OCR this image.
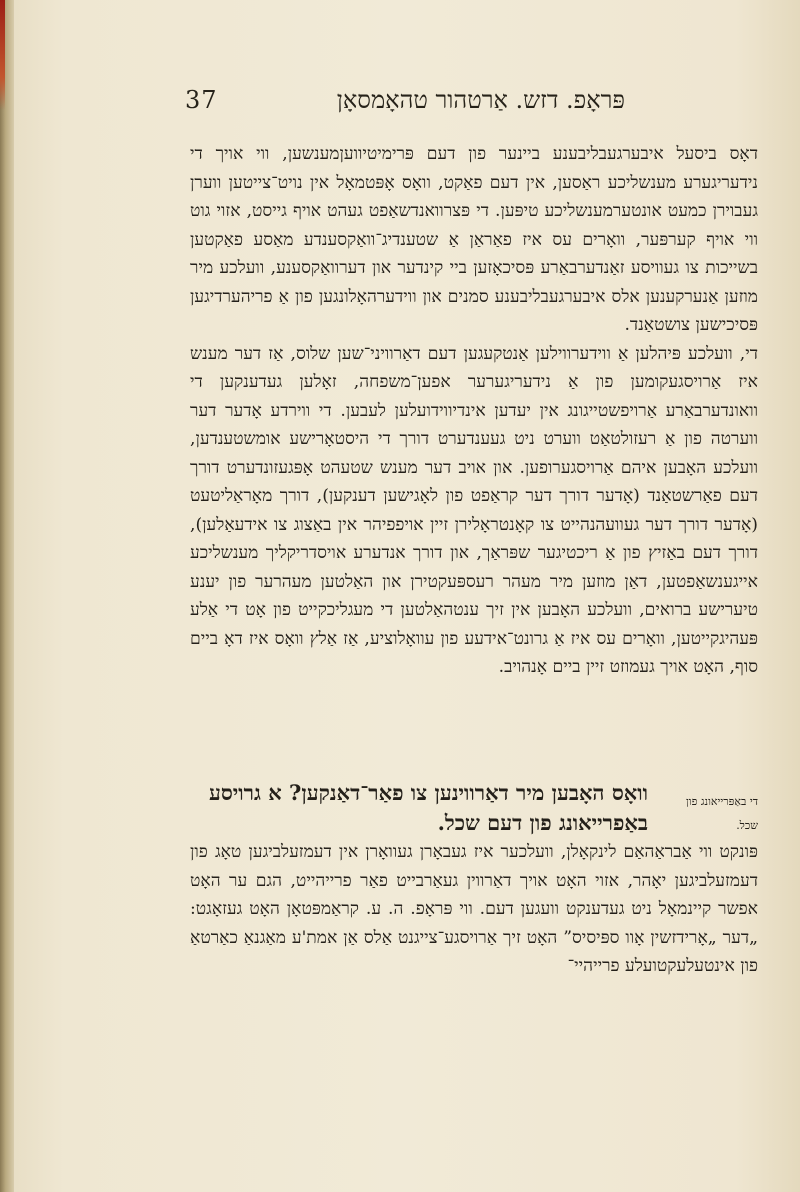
37	פּראָפ. דזש. אַרטהור טהאָמסאָן

דאָס ביסעל איבערגעבליבענע ביינער פון דעם פּרימיטיוועןמענשען, ווי אויך די נידעריגערע מענשליכע ראַסען, אין דעם פאַקט, וואָס אָפּטמאָל אין נויט־צייטען ווערן געבוירן כמעט אונטערמענשליכע טיפּען. די פּצרוואנדשאַפט געהט אויף גייסט, אזוי גוט ווי אויף קערפּער, וואָרים עס איז פאַראַן אַ שטענדיג־וואַקסענדע מאַסע פאַקטען בשייכות צו געוויסע זאַנדערבאַרע פּסיכאָזען ביי קינדער און דערוואַקסענע, וועלכע מיר מוזען אַנערקענען אלס איבערגעבליבענע סמנים און ווידערהאָלונגען פון אַ פריהערדיגען פּסיכישען צושטאַנד.

די, וועלכע פּיהלען אַ ווידערווילען אַנטקעגען דעם דאַרוויני־שען שלוס, אַז דער מענש איז אַרויסגעקומען פון אַ נידעריגערער אפען־משפחה, זאָלען געדענקען די וואונדערבאַרע אַרויפשטייגונג אין יעדען אינדיווידועלען לעבען. די ווירדע אָדער דער ווערטה פון אַ רעזולטאַט ווערט ניט געענדערט דורך די היסטאָרישע אומשטענדען, וועלכע האָבען איהם אַרויסגערופען. און אויב דער מענש שטעהט אָפּגעזונדערט דורך דעם פאַרשטאַנד (אָדער דורך דער קראַפט פון לאָגישען דענקען), דורך מאָראַליטעט (אָדער דורך דער געוועהנהייט צו קאָנטראָלירן זיין אויפפיהר אין באַצוג צו אידעאַלען), דורך דעם באַזיץ פון אַ ריכטיגער שפּראַך, און דורך אנדערע אויסדריקליך מענשליכע אייגענשאַפטען, דאַן מוזען מיר מעהר רעספּעקטירן און האַלטען מעהרער פון יענע טיערישע ברואים, וועלכע האָבען אין זיך ענטהאַלטען די מעגליכקייט פון אָט די אַלע פּעהיגקייטען, וואָרים עס איז אַ גרונט־אידעע פון עוואָלוציע, אַז אַלץ וואָס איז דאָ ביים סוף, האָט אויך געמוזט זיין ביים אָנהויב.

די באַפּרייאונג פון שכל.

וואָס האָבען מיר דאַרווינען צו פאַר־דאַנקען? א גרויסע באַפרייאונג פון דעם שכל.

פּונקט ווי אַבראַהאַם לינקאָלן, וועלכער איז געבאָרן געוואָרן אין דעמזעלביגען טאָג פון דעמזעלביגען יאָהר, אזוי האָט אויך דאַרווין געאַרבייט פאַר פרייהייט, הגם ער האָט אפשר קיינמאָל ניט געדענקט וועגען דעם. ווי פּראָפ. ה. ע. קראַמפּטאָן האָט געזאָגט: „דער „אָרידזשין אָוו ספּיסיס” האָט זיך אַרויסגע־צייגנט אַלס אַן אמת'ע מאַגנאַ כאַרטאַ פון אינטעלעקטועלע פרייהיי־
